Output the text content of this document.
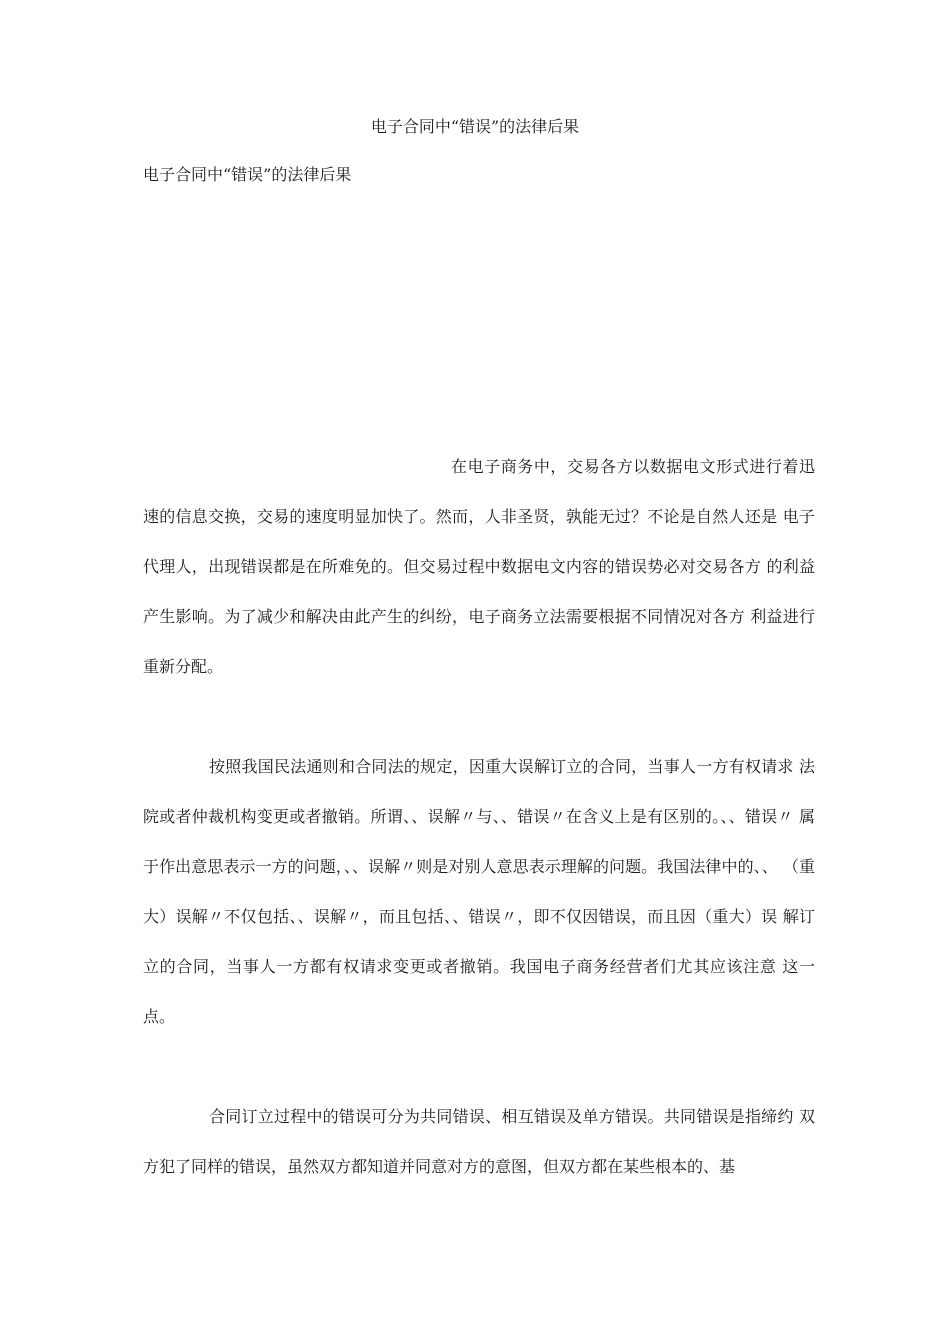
电子合同中“错误”的法律后果
电子合同中“错误”的法律后果

在电子商务中，交易各方以数据电文形式进行着迅速的信息交换，交易的速度明显加快了。然而，人非圣贤，孰能无过？不论是自然人还是 电子代理人，出现错误都是在所难免的。但交易过程中数据电文内容的错误势必对交易各方 的利益产生影响。为了减少和解决由此产生的纠纷，电子商务立法需要根据不同情况对各方 利益进行重新分配。

按照我国民法通则和合同法的规定，因重大误解订立的合同，当事人一方有权请求 法院或者仲裁机构变更或者撤销。所谓、、误解〃与、、错误〃在含义上是有区别的。、、错误〃 属于作出意思表示一方的问题，、、误解〃则是对别人意思表示理解的问题。我国法律中的、、 （重大）误解〃不仅包括、、误解〃，而且包括、、错误〃，即不仅因错误，而且因（重大）误 解订立的合同，当事人一方都有权请求变更或者撤销。我国电子商务经营者们尤其应该注意 这一点。

合同订立过程中的错误可分为共同错误、相互错误及单方错误。共同错误是指缔约 双方犯了同样的错误，虽然双方都知道并同意对方的意图，但双方都在某些根本的、基
